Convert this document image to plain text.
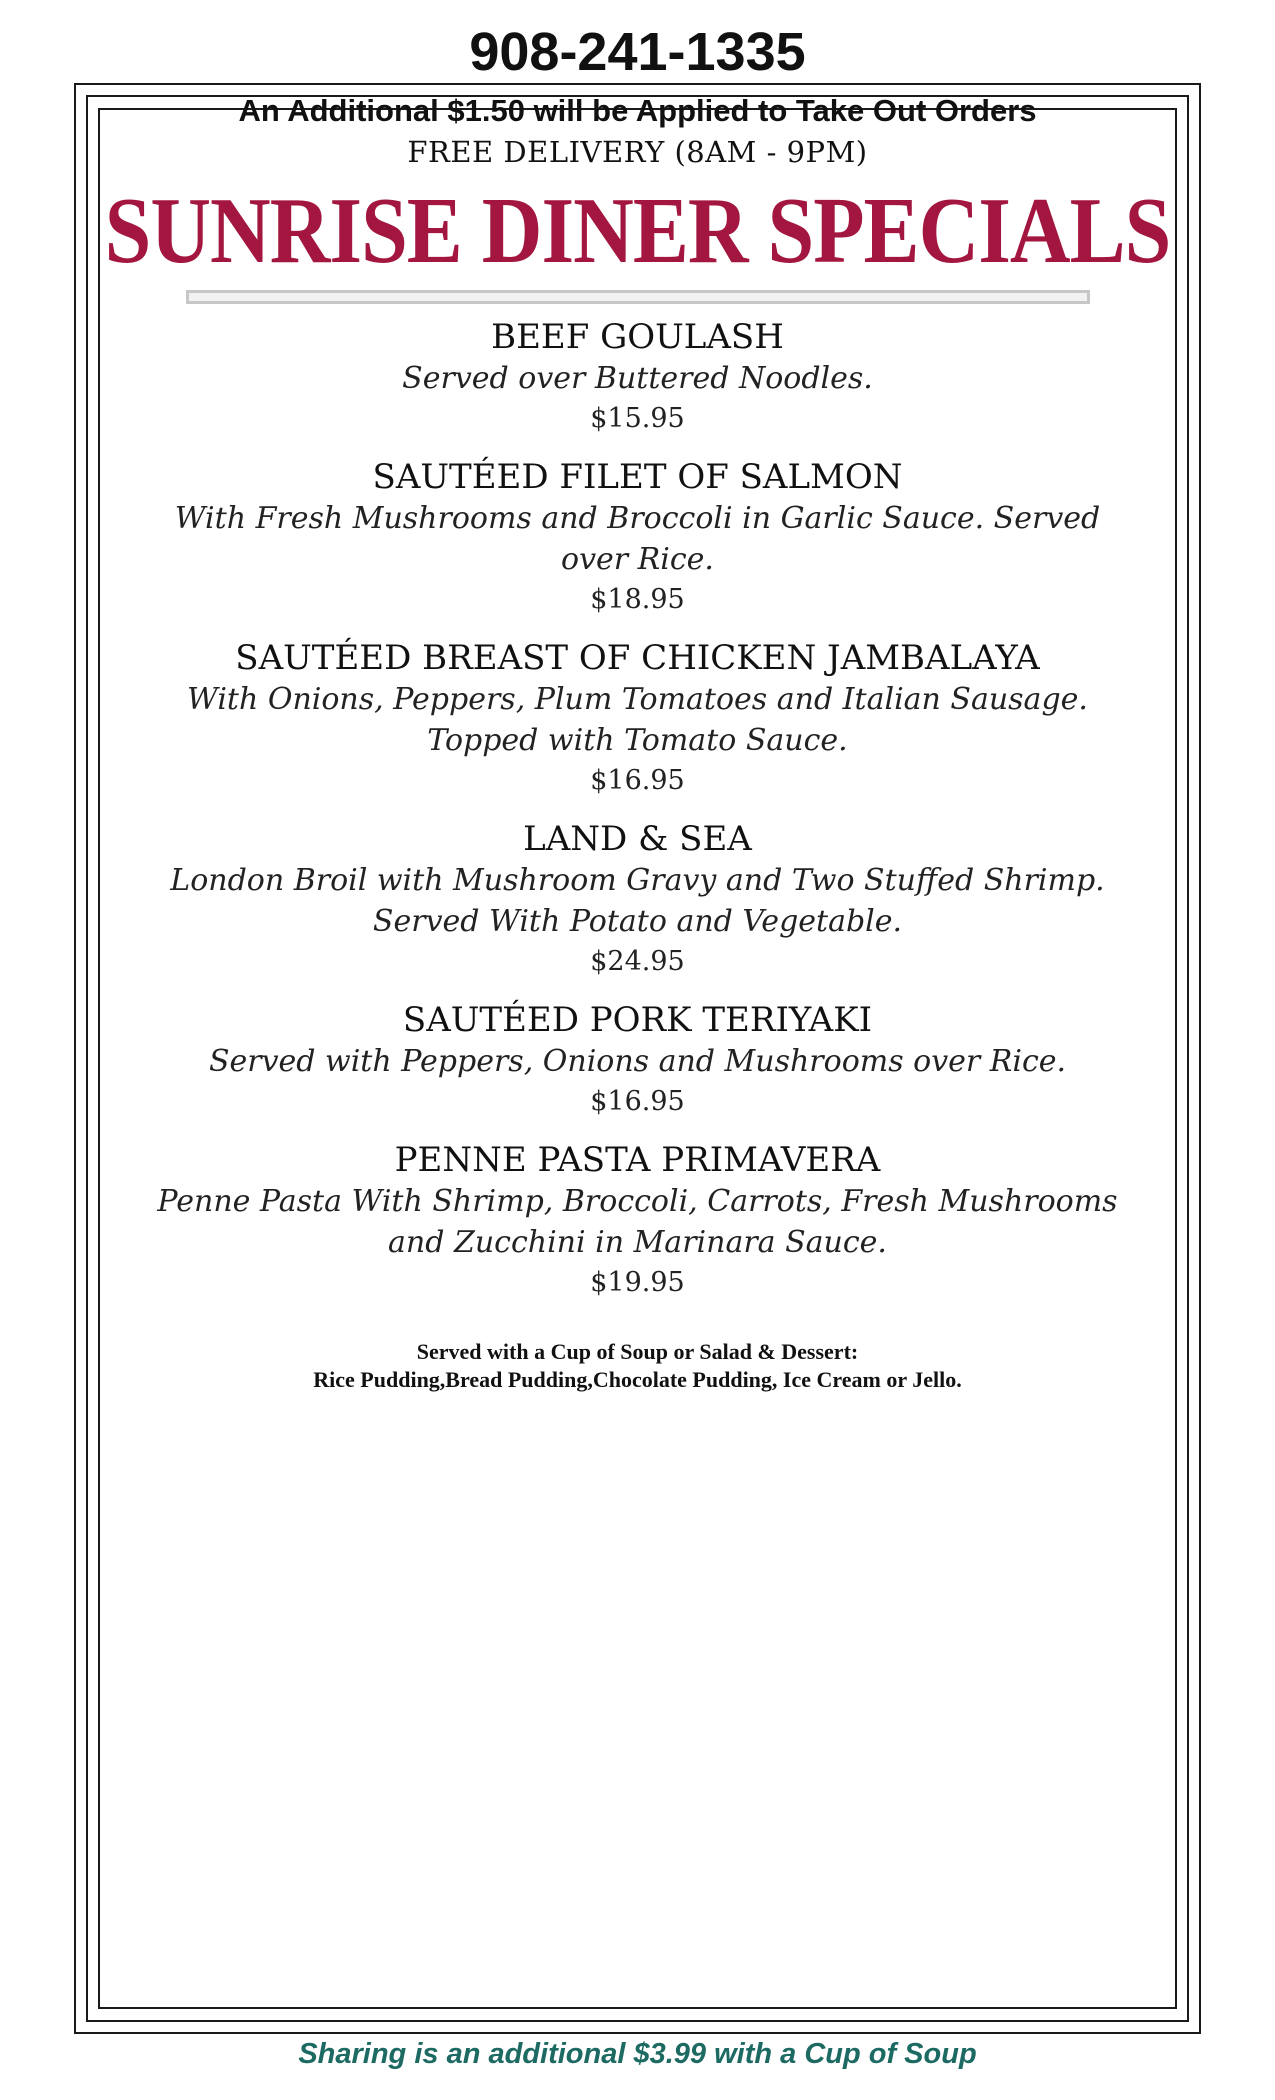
908-241-1335

An Additional $1.50 will be Applied to Take Out Orders

FREE DELIVERY (8AM - 9PM)

SUNRISE DINER SPECIALS
BEEF GOULASH
Served over Buttered Noodles.
$15.95
SAUTÉED FILET OF SALMON
With Fresh Mushrooms and Broccoli in Garlic Sauce. Served over Rice.
$18.95
SAUTÉED BREAST OF CHICKEN JAMBALAYA
With Onions, Peppers, Plum Tomatoes and Italian Sausage. Topped with Tomato Sauce.
$16.95
LAND & SEA
London Broil with Mushroom Gravy and Two Stuffed Shrimp. Served With Potato and Vegetable.
$24.95
SAUTÉED PORK TERIYAKI
Served with Peppers, Onions and Mushrooms over Rice.
$16.95
PENNE PASTA PRIMAVERA
Penne Pasta With Shrimp, Broccoli, Carrots, Fresh Mushrooms and Zucchini in Marinara Sauce.
$19.95
Served with a Cup of Soup or Salad & Dessert:
Rice Pudding,Bread Pudding,Chocolate Pudding, Ice Cream or Jello.
Sharing is an additional $3.99 with a Cup of Soup
